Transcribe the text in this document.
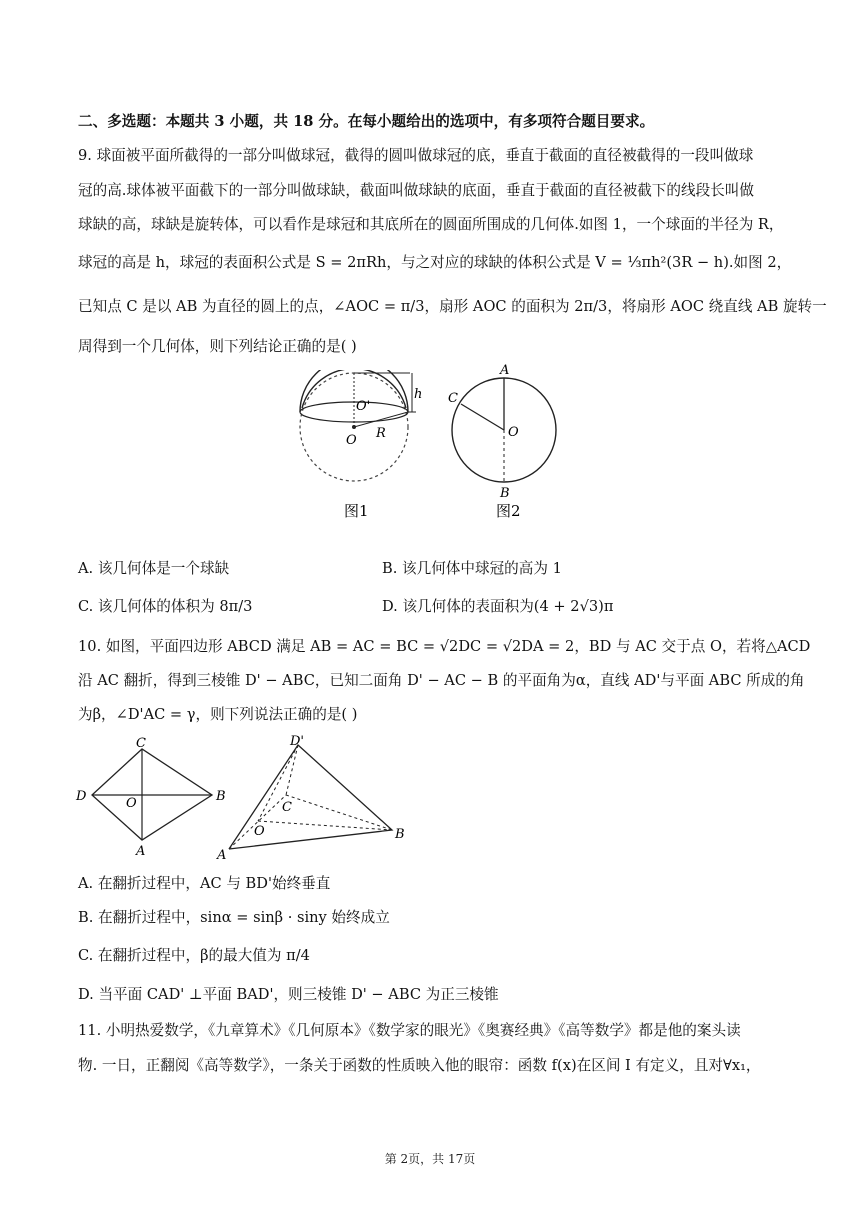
二、多选题：本题共 3 小题，共 18 分。在每小题给出的选项中，有多项符合题目要求。
9. 球面被平面所截得的一部分叫做球冠，截得的圆叫做球冠的底，垂直于截面的直径被截得的一段叫做球
冠的高.球体被平面截下的一部分叫做球缺，截面叫做球缺的底面，垂直于截面的直径被截下的线段长叫做
球缺的高，球缺是旋转体，可以看作是球冠和其底所在的圆面所围成的几何体.如图 1，一个球面的半径为 R，
球冠的高是 h，球冠的表面积公式是 S = 2πRh，与之对应的球缺的体积公式是 V = ⅓πh²(3R − h).如图 2，
已知点 C 是以 AB 为直径的圆上的点，∠AOC = π/3，扇形 AOC 的面积为 2π/3，将扇形 AOC 绕直线 AB 旋转一
周得到一个几何体，则下列结论正确的是( )
h
O'
O R
图1
A
B
C
O
图2
A. 该几何体是一个球缺	B. 该几何体中球冠的高为 1
C. 该几何体的体积为 8π/3	D. 该几何体的表面积为(4 + 2√3)π
10. 如图，平面四边形 ABCD 满足 AB = AC = BC = √2DC = √2DA = 2，BD 与 AC 交于点 O，若将△ACD
沿 AC 翻折，得到三棱锥 D' − ABC，已知二面角 D' − AC − B 的平面角为α，直线 AD'与平面 ABC 所成的角
为β，∠D'AC = γ，则下列说法正确的是( )
C
D	O	B
A
D'
C
O	B
A
A. 在翻折过程中，AC 与 BD'始终垂直
B. 在翻折过程中，sinα = sinβ · siny 始终成立
C. 在翻折过程中，β的最大值为 π/4
D. 当平面 CAD' ⊥平面 BAD'，则三棱锥 D' − ABC 为正三棱锥
11. 小明热爱数学，《九章算术》《几何原本》《数学家的眼光》《奥赛经典》《高等数学》都是他的案头读
物. 一日，正翻阅《高等数学》，一条关于函数的性质映入他的眼帘：函数 f(x)在区间 I 有定义，且对∀x₁，
第 2页，共 17页
